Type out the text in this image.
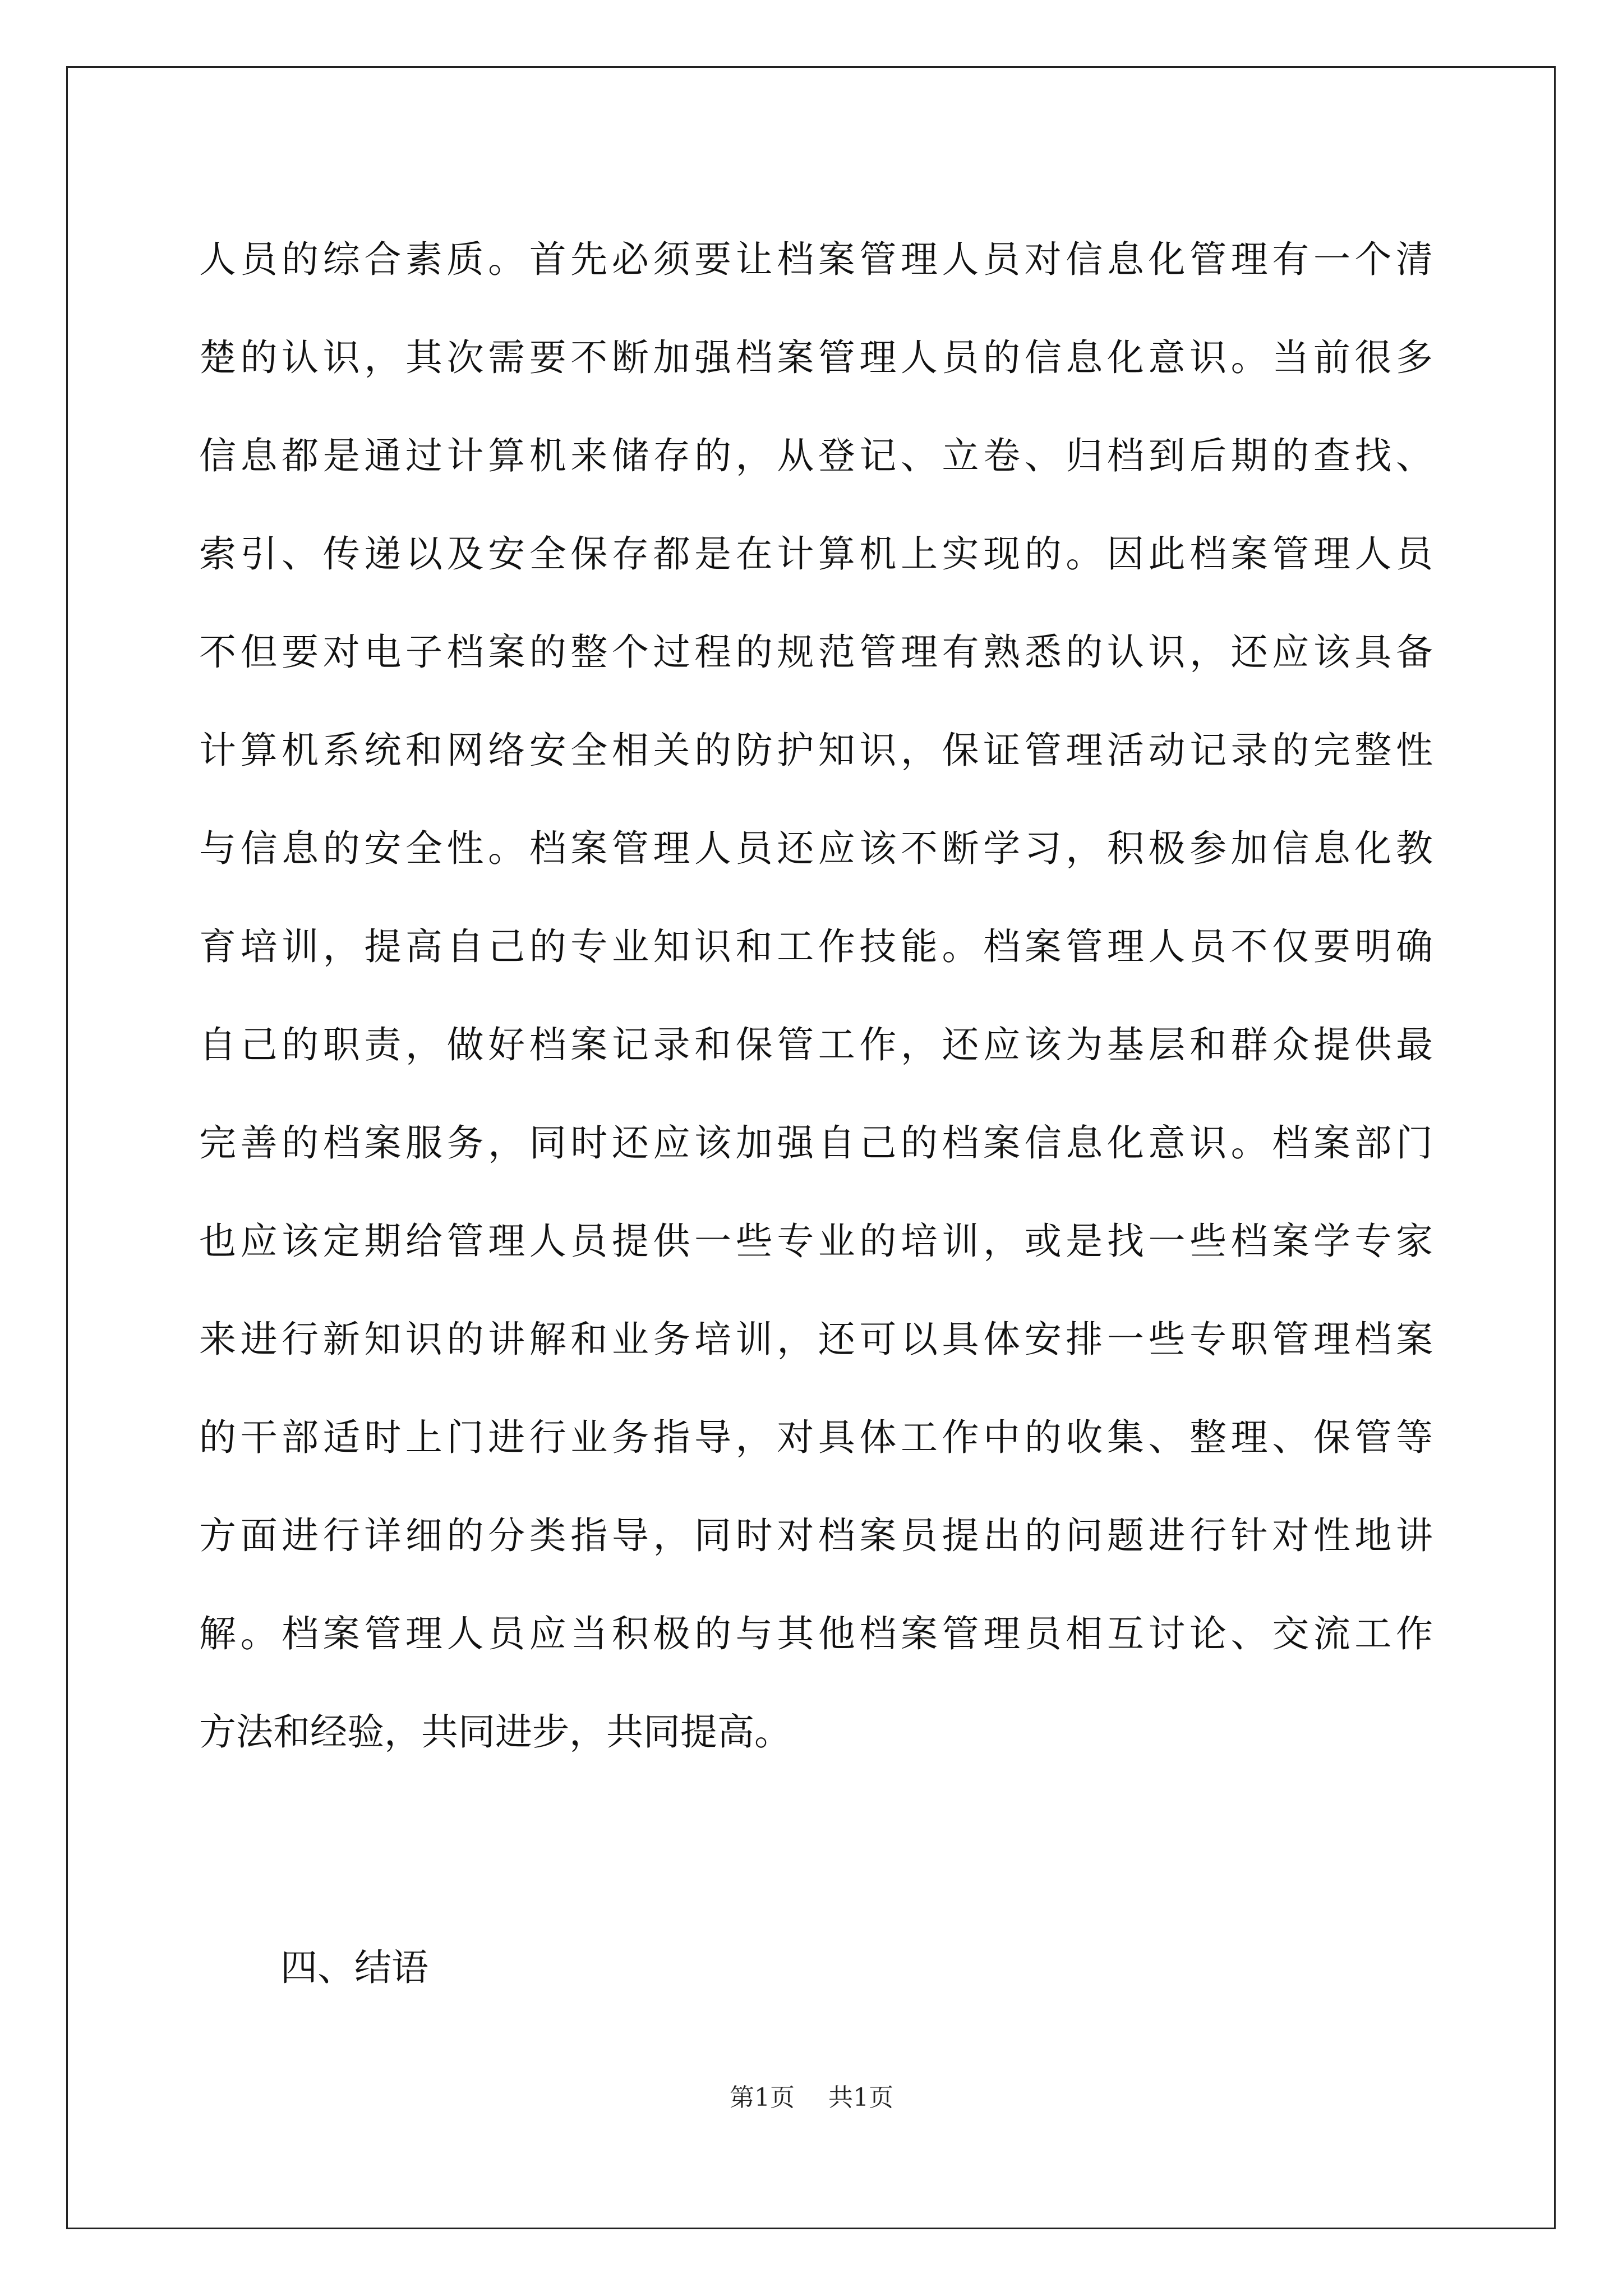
人员的综合素质。首先必须要让档案管理人员对信息化管理有一个清
楚的认识，其次需要不断加强档案管理人员的信息化意识。当前很多
信息都是通过计算机来储存的，从登记、立卷、归档到后期的查找、
索引、传递以及安全保存都是在计算机上实现的。因此档案管理人员
不但要对电子档案的整个过程的规范管理有熟悉的认识，还应该具备
计算机系统和网络安全相关的防护知识，保证管理活动记录的完整性
与信息的安全性。档案管理人员还应该不断学习，积极参加信息化教
育培训，提高自己的专业知识和工作技能。档案管理人员不仅要明确
自己的职责，做好档案记录和保管工作，还应该为基层和群众提供最
完善的档案服务，同时还应该加强自己的档案信息化意识。档案部门
也应该定期给管理人员提供一些专业的培训，或是找一些档案学专家
来进行新知识的讲解和业务培训，还可以具体安排一些专职管理档案
的干部适时上门进行业务指导，对具体工作中的收集、整理、保管等
方面进行详细的分类指导，同时对档案员提出的问题进行针对性地讲
解。档案管理人员应当积极的与其他档案管理员相互讨论、交流工作
方法和经验，共同进步，共同提高。
四、结语
第1页 共1页
